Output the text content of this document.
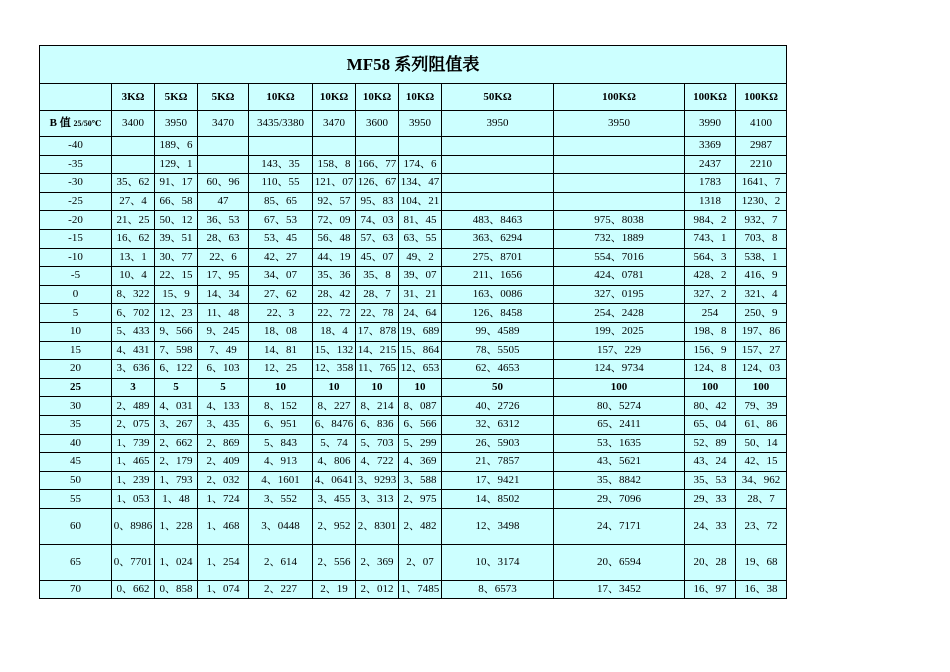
MF58 系列阻值表											
	3KΩ	5KΩ	5KΩ	10KΩ	10KΩ	10KΩ	10KΩ	50KΩ	100KΩ	100KΩ	100KΩ
B 值 25/50℃	3400	3950	3470	3435/3380	3470	3600	3950	3950	3950	3990	4100
-40		189、6								3369	2987
-35		129、1		143、35	158、8	166、77	174、6			2437	2210
-30	35、62	91、17	60、96	110、55	121、07	126、67	134、47			1783	1641、7
-25	27、4	66、58	47	85、65	92、57	95、83	104、21			1318	1230、2
-20	21、25	50、12	36、53	67、53	72、09	74、03	81、45	483、8463	975、8038	984、2	932、7
-15	16、62	39、51	28、63	53、45	56、48	57、63	63、55	363、6294	732、1889	743、1	703、8
-10	13、1	30、77	22、6	42、27	44、19	45、07	49、2	275、8701	554、7016	564、3	538、1
-5	10、4	22、15	17、95	34、07	35、36	35、8	39、07	211、1656	424、0781	428、2	416、9
0	8、322	15、9	14、34	27、62	28、42	28、7	31、21	163、0086	327、0195	327、2	321、4
5	6、702	12、23	11、48	22、3	22、72	22、78	24、64	126、8458	254、2428	254	250、9
10	5、433	9、566	9、245	18、08	18、4	17、878	19、689	99、4589	199、2025	198、8	197、86
15	4、431	7、598	7、49	14、81	15、132	14、215	15、864	78、5505	157、229	156、9	157、27
20	3、636	6、122	6、103	12、25	12、358	11、765	12、653	62、4653	124、9734	124、8	124、03
25	3	5	5	10	10	10	10	50	100	100	100
30	2、489	4、031	4、133	8、152	8、227	8、214	8、087	40、2726	80、5274	80、42	79、39
35	2、075	3、267	3、435	6、951	6、8476	6、836	6、566	32、6312	65、2411	65、04	61、86
40	1、739	2、662	2、869	5、843	5、74	5、703	5、299	26、5903	53、1635	52、89	50、14
45	1、465	2、179	2、409	4、913	4、806	4、722	4、369	21、7857	43、5621	43、24	42、15
50	1、239	1、793	2、032	4、1601	4、0641	3、9293	3、588	17、9421	35、8842	35、53	34、962
55	1、053	1、48	1、724	3、552	3、455	3、313	2、975	14、8502	29、7096	29、33	28、7
60	0、8986	1、228	1、468	3、0448	2、952	2、8301	2、482	12、3498	24、7171	24、33	23、72
65	0、7701	1、024	1、254	2、614	2、556	2、369	2、07	10、3174	20、6594	20、28	19、68
70	0、662	0、858	1、074	2、227	2、19	2、012	1、7485	8、6573	17、3452	16、97	16、38
